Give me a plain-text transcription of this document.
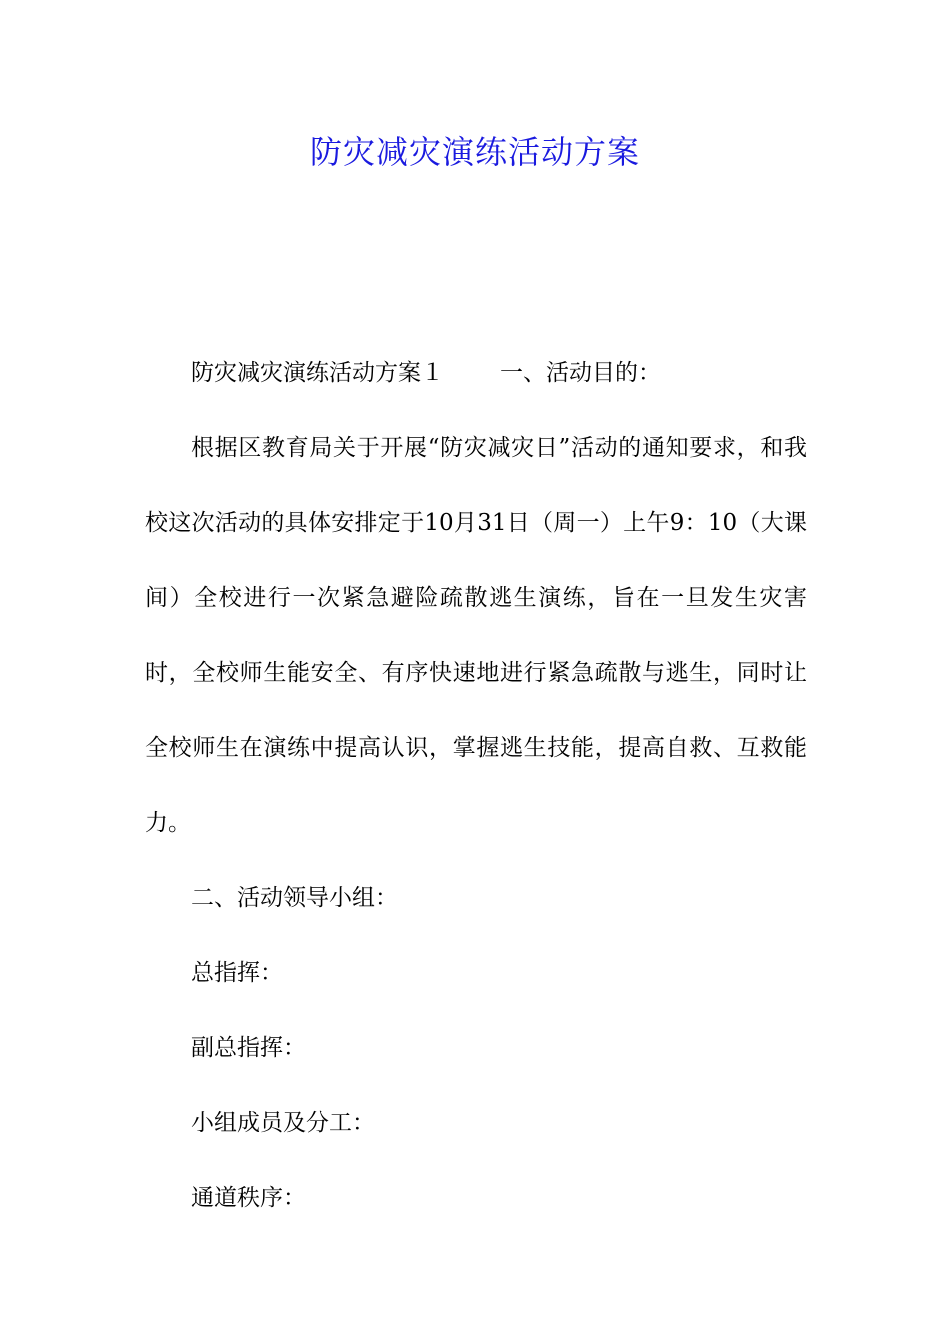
防灾减灾演练活动方案

防灾减灾演练活动方案１ 一、活动目的：

根据区教育局关于开展“防灾减灾日”活动的通知要求，和我校这次活动的具体安排定于10月31日（周一）上午9：10（大课间）全校进行一次紧急避险疏散逃生演练，旨在一旦发生灾害时，全校师生能安全、有序快速地进行紧急疏散与逃生，同时让全校师生在演练中提高认识，掌握逃生技能，提高自救、互救能力。

二、活动领导小组：

总指挥：

副总指挥：

小组成员及分工：

通道秩序：
